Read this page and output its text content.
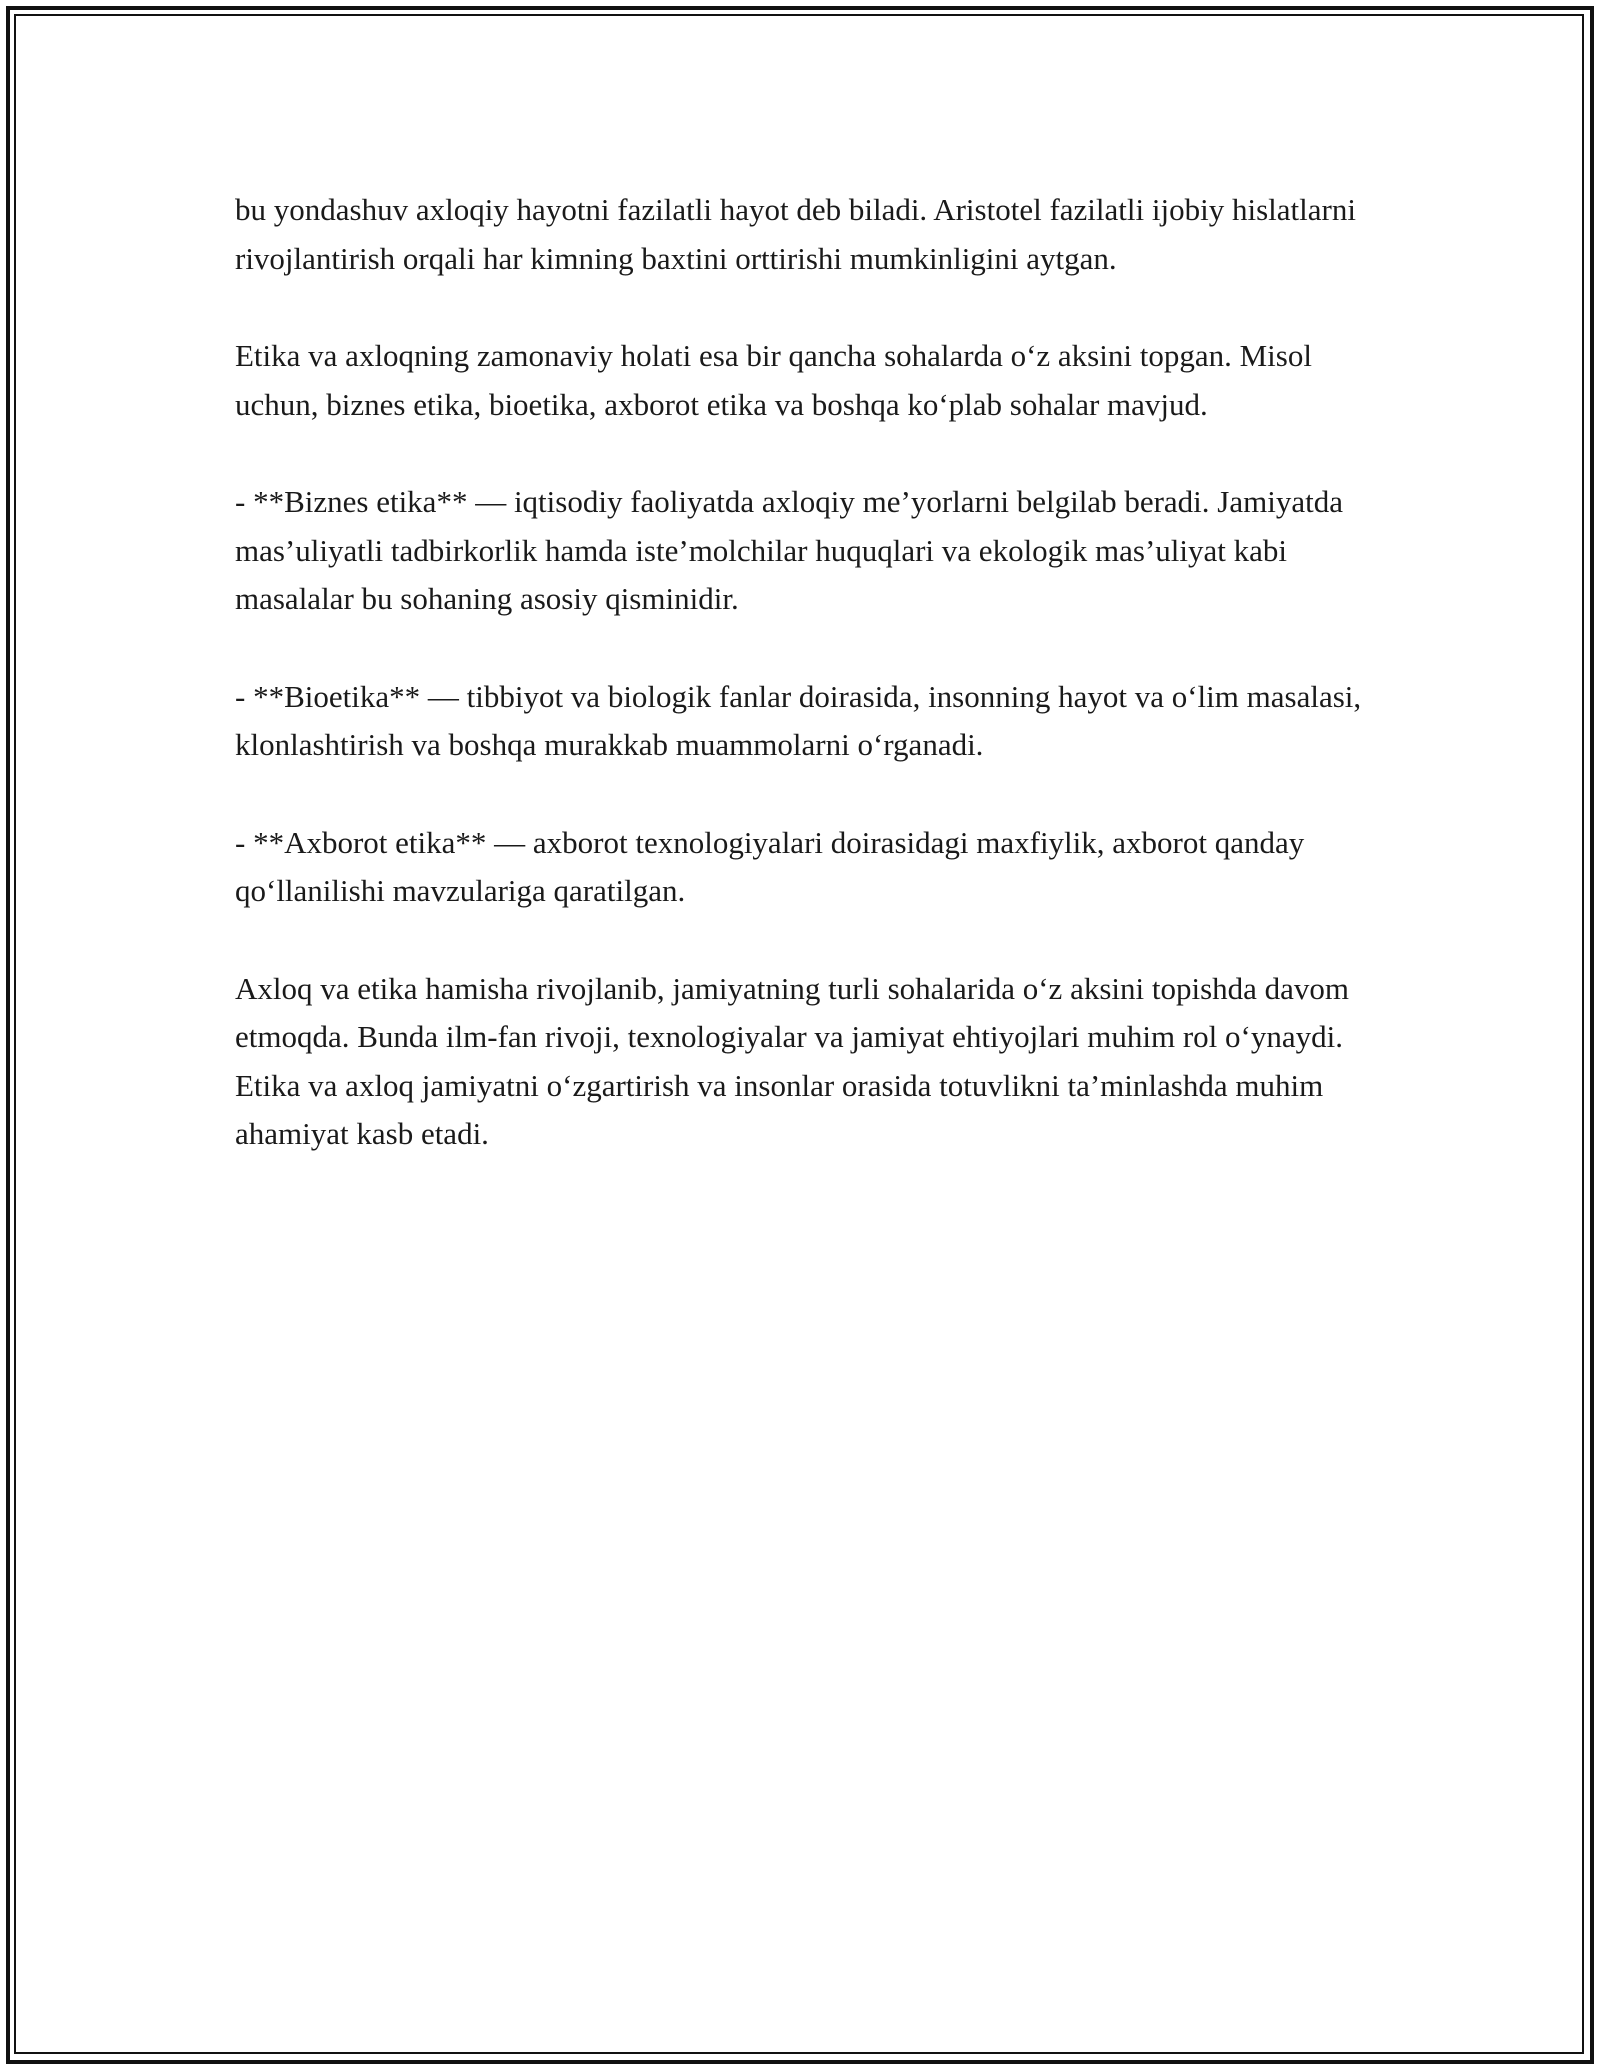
bu yondashuv axloqiy hayotni fazilatli hayot deb biladi. Aristotel fazilatli ijobiy hislatlarni rivojlantirish orqali har kimning baxtini orttirishi mumkinligini aytgan.

Etika va axloqning zamonaviy holati esa bir qancha sohalarda o‘z aksini topgan. Misol uchun, biznes etika, bioetika, axborot etika va boshqa ko‘plab sohalar mavjud.

- **Biznes etika** — iqtisodiy faoliyatda axloqiy me’yorlarni belgilab beradi. Jamiyatda mas’uliyatli tadbirkorlik hamda iste’molchilar huquqlari va ekologik mas’uliyat kabi masalalar bu sohaning asosiy qisminidir.

- **Bioetika** — tibbiyot va biologik fanlar doirasida, insonning hayot va o‘lim masalasi, klonlashtirish va boshqa murakkab muammolarni o‘rganadi.

- **Axborot etika** — axborot texnologiyalari doirasidagi maxfiylik, axborot qanday qo‘llanilishi mavzulariga qaratilgan.

Axloq va etika hamisha rivojlanib, jamiyatning turli sohalarida o‘z aksini topishda davom etmoqda. Bunda ilm-fan rivoji, texnologiyalar va jamiyat ehtiyojlari muhim rol o‘ynaydi. Etika va axloq jamiyatni o‘zgartirish va insonlar orasida totuvlikni ta’minlashda muhim ahamiyat kasb etadi.
